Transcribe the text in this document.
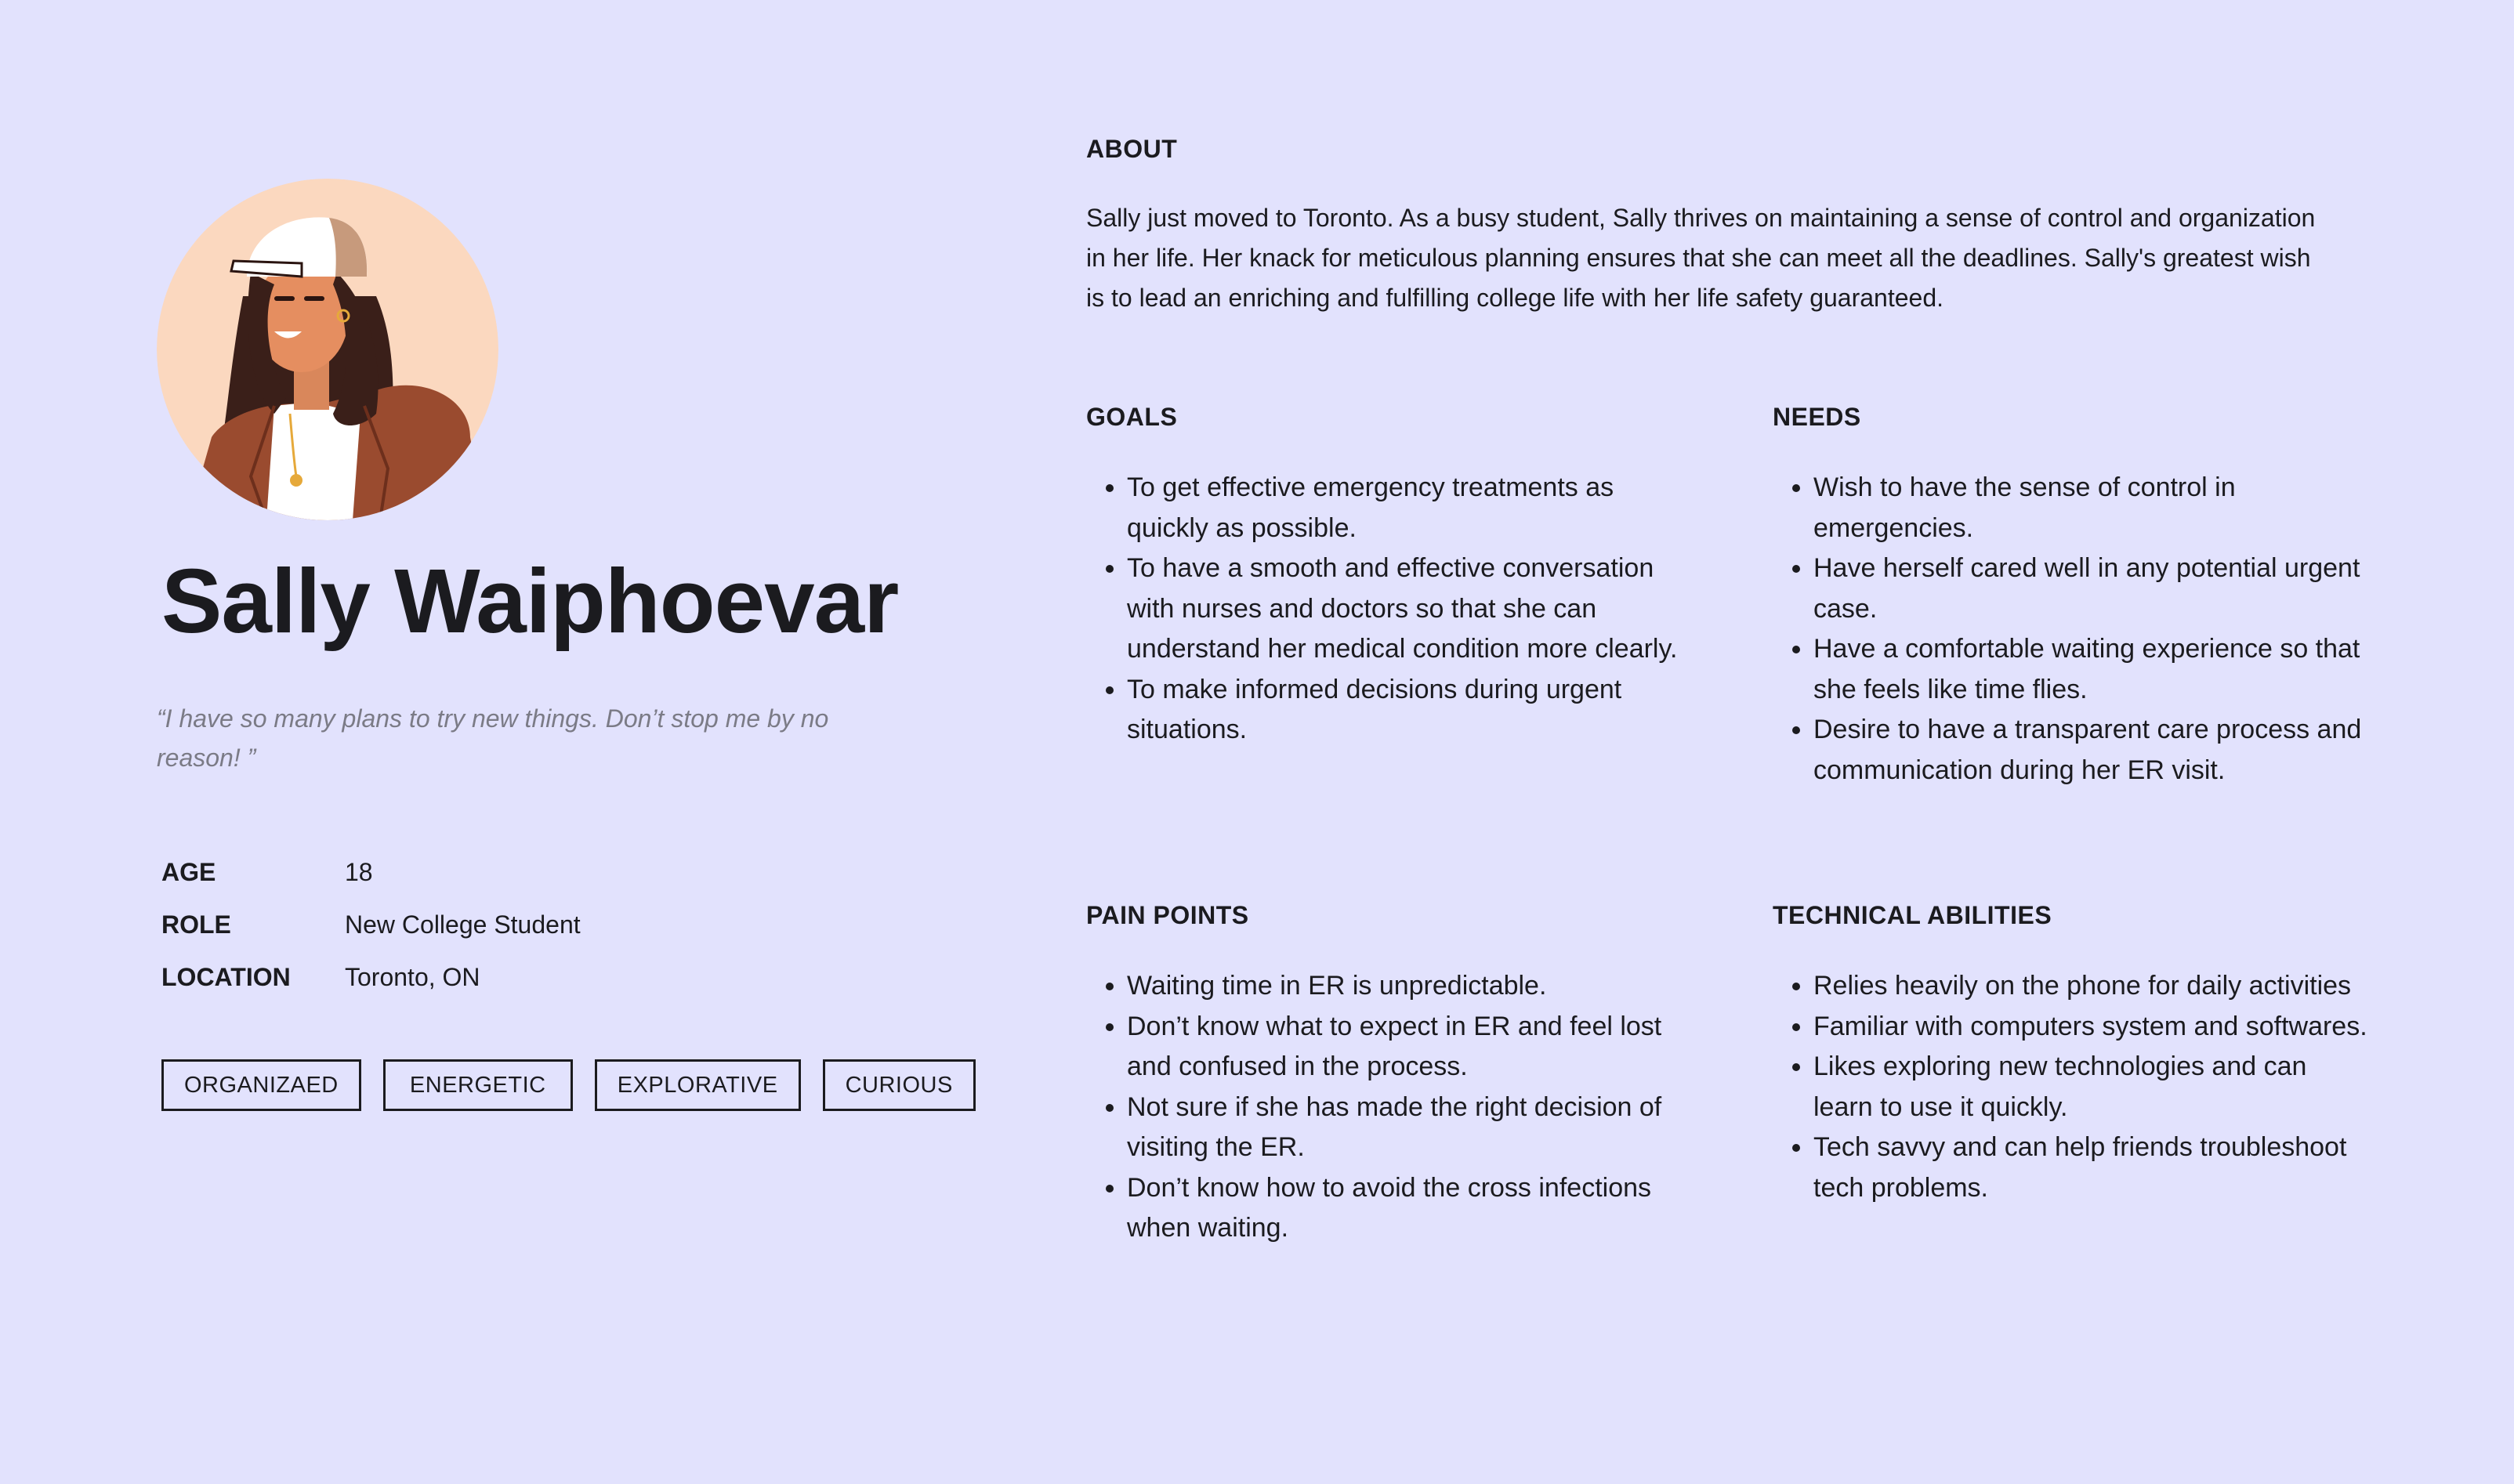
Sally Waiphoevar

“I have so many plans to try new things. Don’t stop me by no reason! ”

AGE	18
ROLE	New College Student
LOCATION	Toronto, ON
ORGANIZAED	ENERGETIC	EXPLORATIVE	CURIOUS
ABOUT

Sally just moved to Toronto. As a busy student, Sally thrives on maintaining a sense of control and organization in her life. Her knack for meticulous planning ensures that she can meet all the deadlines. Sally's greatest wish is to lead an enriching and fulfilling college life with her life safety guaranteed.

GOALS
• To get effective emergency treatments as quickly as possible.
• To have a smooth and effective conversation with nurses and doctors so that she can understand her medical condition more clearly.
• To make informed decisions during urgent situations.
NEEDS
• Wish to have the sense of control in emergencies.
• Have herself cared well in any potential urgent case.
• Have a comfortable waiting experience so that she feels like time flies.
• Desire to have a transparent care process and communication during her ER visit.
PAIN POINTS
• Waiting time in ER is unpredictable.
• Don’t know what to expect in ER and feel lost and confused in the process.
• Not sure if she has made the right decision of visiting the ER.
• Don’t know how to avoid the cross infections when waiting.
TECHNICAL ABILITIES
• Relies heavily on the phone for daily activities
• Familiar with computers system and softwares.
• Likes exploring new technologies and can learn to use it quickly.
• Tech savvy and can help friends troubleshoot tech problems.
